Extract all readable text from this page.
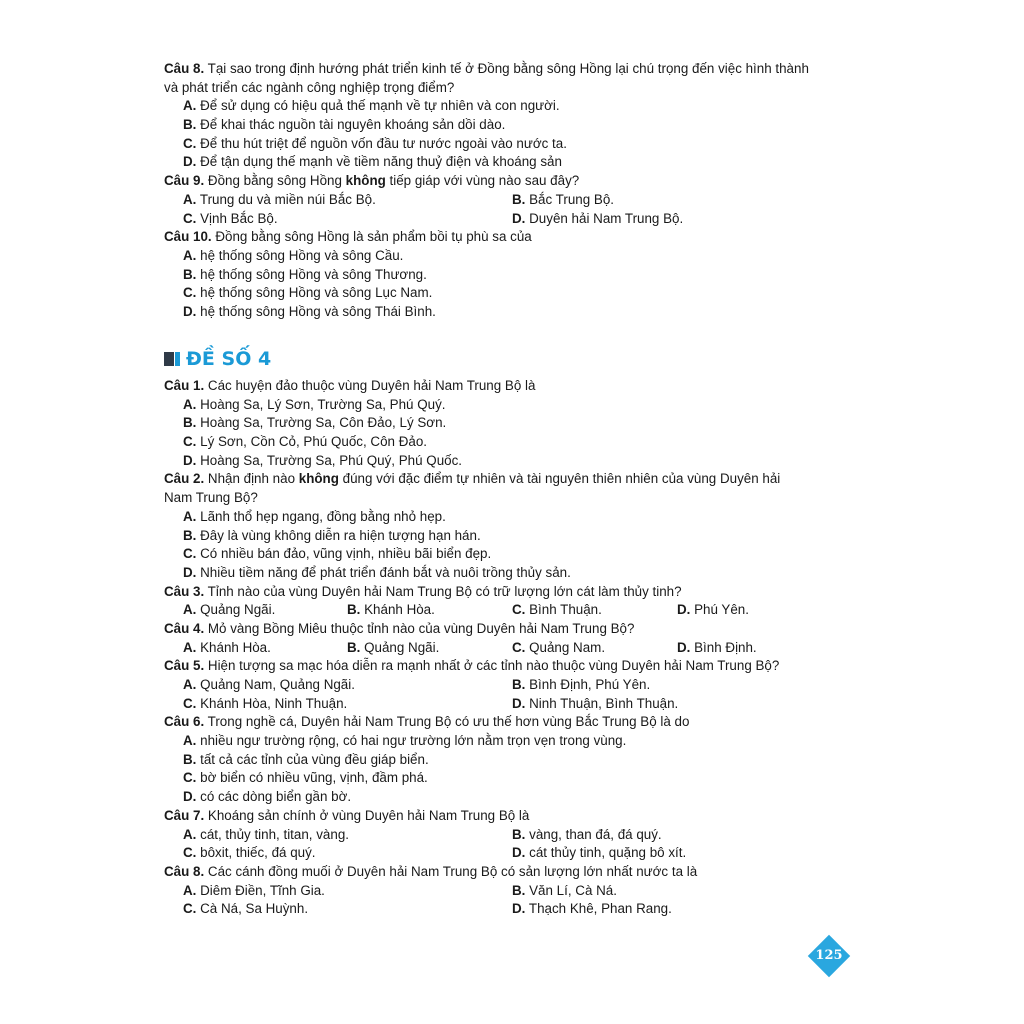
Câu 8. Tại sao trong định hướng phát triển kinh tế ở Đồng bằng sông Hồng lại chú trọng đến việc hình thành
và phát triển các ngành công nghiệp trọng điểm?
A. Để sử dụng có hiệu quả thế mạnh về tự nhiên và con người.
B. Để khai thác nguồn tài nguyên khoáng sản dồi dào.
C. Để thu hút triệt để nguồn vốn đầu tư nước ngoài vào nước ta.
D. Để tận dụng thế mạnh về tiềm năng thuỷ điện và khoáng sản
Câu 9. Đồng bằng sông Hồng không tiếp giáp với vùng nào sau đây?
A. Trung du và miền núi Bắc Bộ.	B. Bắc Trung Bộ.
C. Vịnh Bắc Bộ.	D. Duyên hải Nam Trung Bộ.
Câu 10. Đồng bằng sông Hồng là sản phẩm bồi tụ phù sa của
A. hệ thống sông Hồng và sông Cầu.
B. hệ thống sông Hồng và sông Thương.
C. hệ thống sông Hồng và sông Lục Nam.
D. hệ thống sông Hồng và sông Thái Bình.
ĐỀ SỐ 4
Câu 1. Các huyện đảo thuộc vùng Duyên hải Nam Trung Bộ là
A. Hoàng Sa, Lý Sơn, Trường Sa, Phú Quý.
B. Hoàng Sa, Trường Sa, Côn Đảo, Lý Sơn.
C. Lý Sơn, Cồn Cỏ, Phú Quốc, Côn Đảo.
D. Hoàng Sa, Trường Sa, Phú Quý, Phú Quốc.
Câu 2. Nhận định nào không đúng với đặc điểm tự nhiên và tài nguyên thiên nhiên của vùng Duyên hải
Nam Trung Bộ?
A. Lãnh thổ hẹp ngang, đồng bằng nhỏ hẹp.
B. Đây là vùng không diễn ra hiện tượng hạn hán.
C. Có nhiều bán đảo, vũng vịnh, nhiều bãi biển đẹp.
D. Nhiều tiềm năng để phát triển đánh bắt và nuôi trồng thủy sản.
Câu 3. Tỉnh nào của vùng Duyên hải Nam Trung Bộ có trữ lượng lớn cát làm thủy tinh?
A. Quảng Ngãi.	B. Khánh Hòa.	C. Bình Thuận.	D. Phú Yên.
Câu 4. Mỏ vàng Bồng Miêu thuộc tỉnh nào của vùng Duyên hải Nam Trung Bộ?
A. Khánh Hòa.	B. Quảng Ngãi.	C. Quảng Nam.	D. Bình Định.
Câu 5. Hiện tượng sa mạc hóa diễn ra mạnh nhất ở các tỉnh nào thuộc vùng Duyên hải Nam Trung Bộ?
A. Quảng Nam, Quảng Ngãi.	B. Bình Định, Phú Yên.
C. Khánh Hòa, Ninh Thuận.	D. Ninh Thuận, Bình Thuận.
Câu 6. Trong nghề cá, Duyên hải Nam Trung Bộ có ưu thế hơn vùng Bắc Trung Bộ là do
A. nhiều ngư trường rộng, có hai ngư trường lớn nằm trọn vẹn trong vùng.
B. tất cả các tỉnh của vùng đều giáp biển.
C. bờ biển có nhiều vũng, vịnh, đầm phá.
D. có các dòng biển gần bờ.
Câu 7. Khoáng sản chính ở vùng Duyên hải Nam Trung Bộ là
A. cát, thủy tinh, titan, vàng.	B. vàng, than đá, đá quý.
C. bôxit, thiếc, đá quý.	D. cát thủy tinh, quặng bô xít.
Câu 8. Các cánh đồng muối ở Duyên hải Nam Trung Bộ có sản lượng lớn nhất nước ta là
A. Diêm Điền, Tĩnh Gia.	B. Văn Lí, Cà Ná.
C. Cà Ná, Sa Huỳnh.	D. Thạch Khê, Phan Rang.
125
